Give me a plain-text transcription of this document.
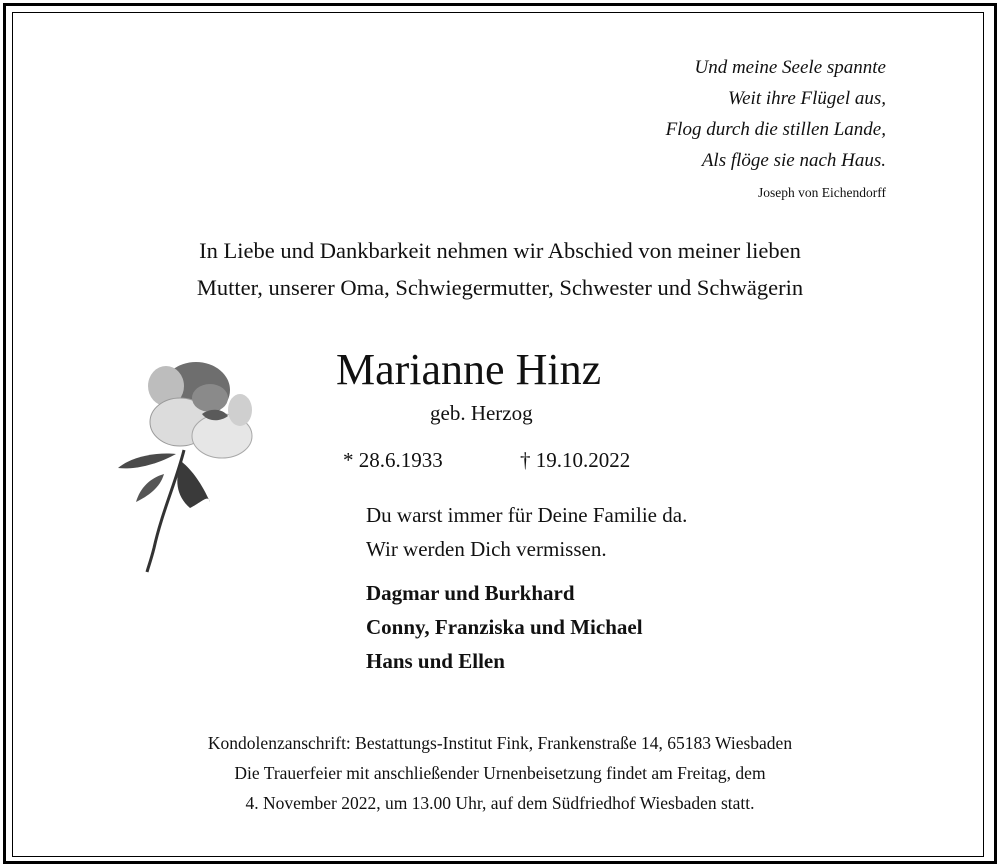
Und meine Seele spannte
Weit ihre Flügel aus,
Flog durch die stillen Lande,
Als flöge sie nach Haus.
Joseph von Eichendorff
In Liebe und Dankbarkeit nehmen wir Abschied von meiner lieben
Mutter, unserer Oma, Schwiegermutter, Schwester und Schwägerin
Marianne Hinz
geb. Herzog
* 28.6.1933	† 19.10.2022
Du warst immer für Deine Familie da.
Wir werden Dich vermissen.
Dagmar und Burkhard
Conny, Franziska und Michael
Hans und Ellen
Kondolenzanschrift: Bestattungs-Institut Fink, Frankenstraße 14, 65183 Wiesbaden
Die Trauerfeier mit anschließender Urnenbeisetzung findet am Freitag, dem
4. November 2022, um 13.00 Uhr, auf dem Südfriedhof Wiesbaden statt.
